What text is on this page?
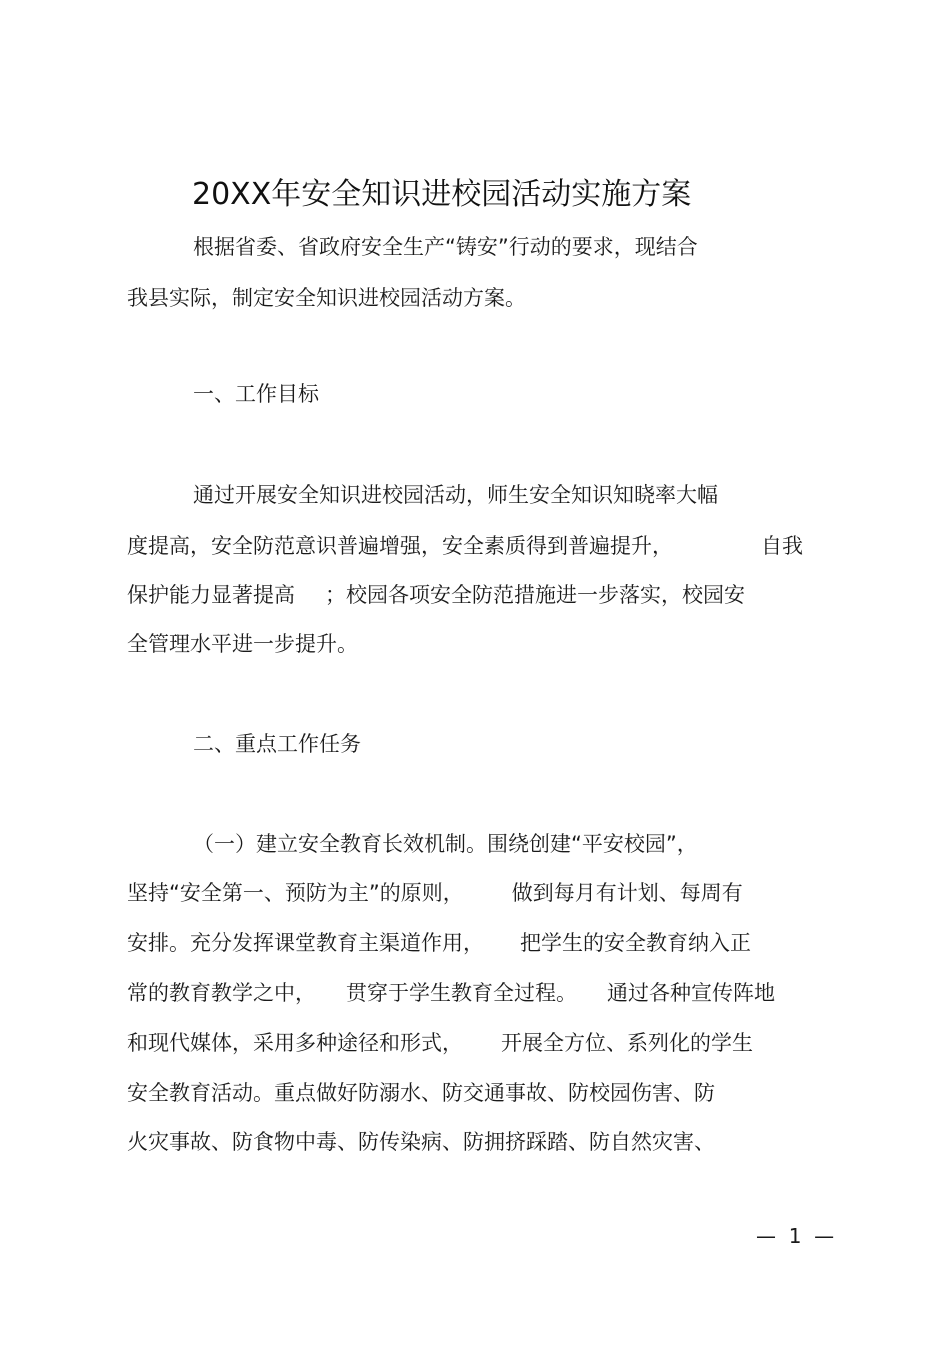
20XX年安全知识进校园活动实施方案
根据省委、省政府安全生产“铸安”行动的要求，现结合
我县实际，制定安全知识进校园活动方案。
一、工作目标
通过开展安全知识进校园活动，师生安全知识知晓率大幅
度提高，安全防范意识普遍增强，安全素质得到普遍提升，	自我
保护能力显著提高 ；校园各项安全防范措施进一步落实，校园安
全管理水平进一步提升。
二、重点工作任务
（一）建立安全教育长效机制。围绕创建“平安校园”，
坚持“安全第一、预防为主”的原则， 做到每月有计划、每周有
安排。充分发挥课堂教育主渠道作用， 把学生的安全教育纳入正
常的教育教学之中， 贯穿于学生教育全过程。 通过各种宣传阵地
和现代媒体，采用多种途径和形式， 开展全方位、系列化的学生
安全教育活动。重点做好防溺水、防交通事故、防校园伤害、防
火灾事故、防食物中毒、防传染病、防拥挤踩踏、防自然灾害、
—  1  —
